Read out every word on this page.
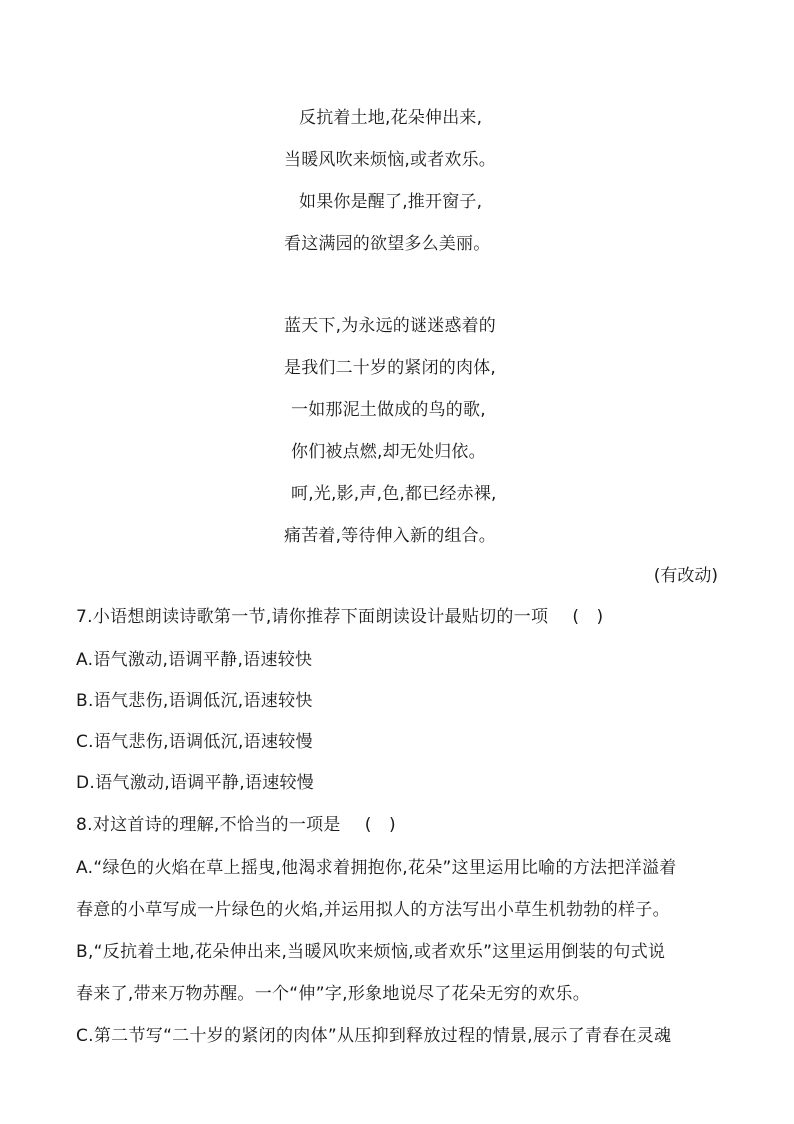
反抗着土地,花朵伸出来,
当暖风吹来烦恼,或者欢乐。
如果你是醒了,推开窗子,
看这满园的欲望多么美丽。
蓝天下,为永远的谜迷惑着的
是我们二十岁的紧闭的肉体,
一如那泥土做成的鸟的歌,
你们被点燃,却无处归依。
呵,光,影,声,色,都已经赤裸,
痛苦着,等待伸入新的组合。
(有改动)
7.小语想朗读诗歌第一节,请你推荐下面朗读设计最贴切的一项 (　)
A.语气激动,语调平静,语速较快
B.语气悲伤,语调低沉,语速较快
C.语气悲伤,语调低沉,语速较慢
D.语气激动,语调平静,语速较慢
8.对这首诗的理解,不恰当的一项是 (　)
A.“绿色的火焰在草上摇曳,他渴求着拥抱你,花朵”这里运用比喻的方法把洋溢着
春意的小草写成一片绿色的火焰,并运用拟人的方法写出小草生机勃勃的样子。
B,“反抗着土地,花朵伸出来,当暖风吹来烦恼,或者欢乐”这里运用倒装的句式说
春来了,带来万物苏醒。一个“伸”字,形象地说尽了花朵无穷的欢乐。
C.第二节写“二十岁的紧闭的肉体”从压抑到释放过程的情景,展示了青春在灵魂
